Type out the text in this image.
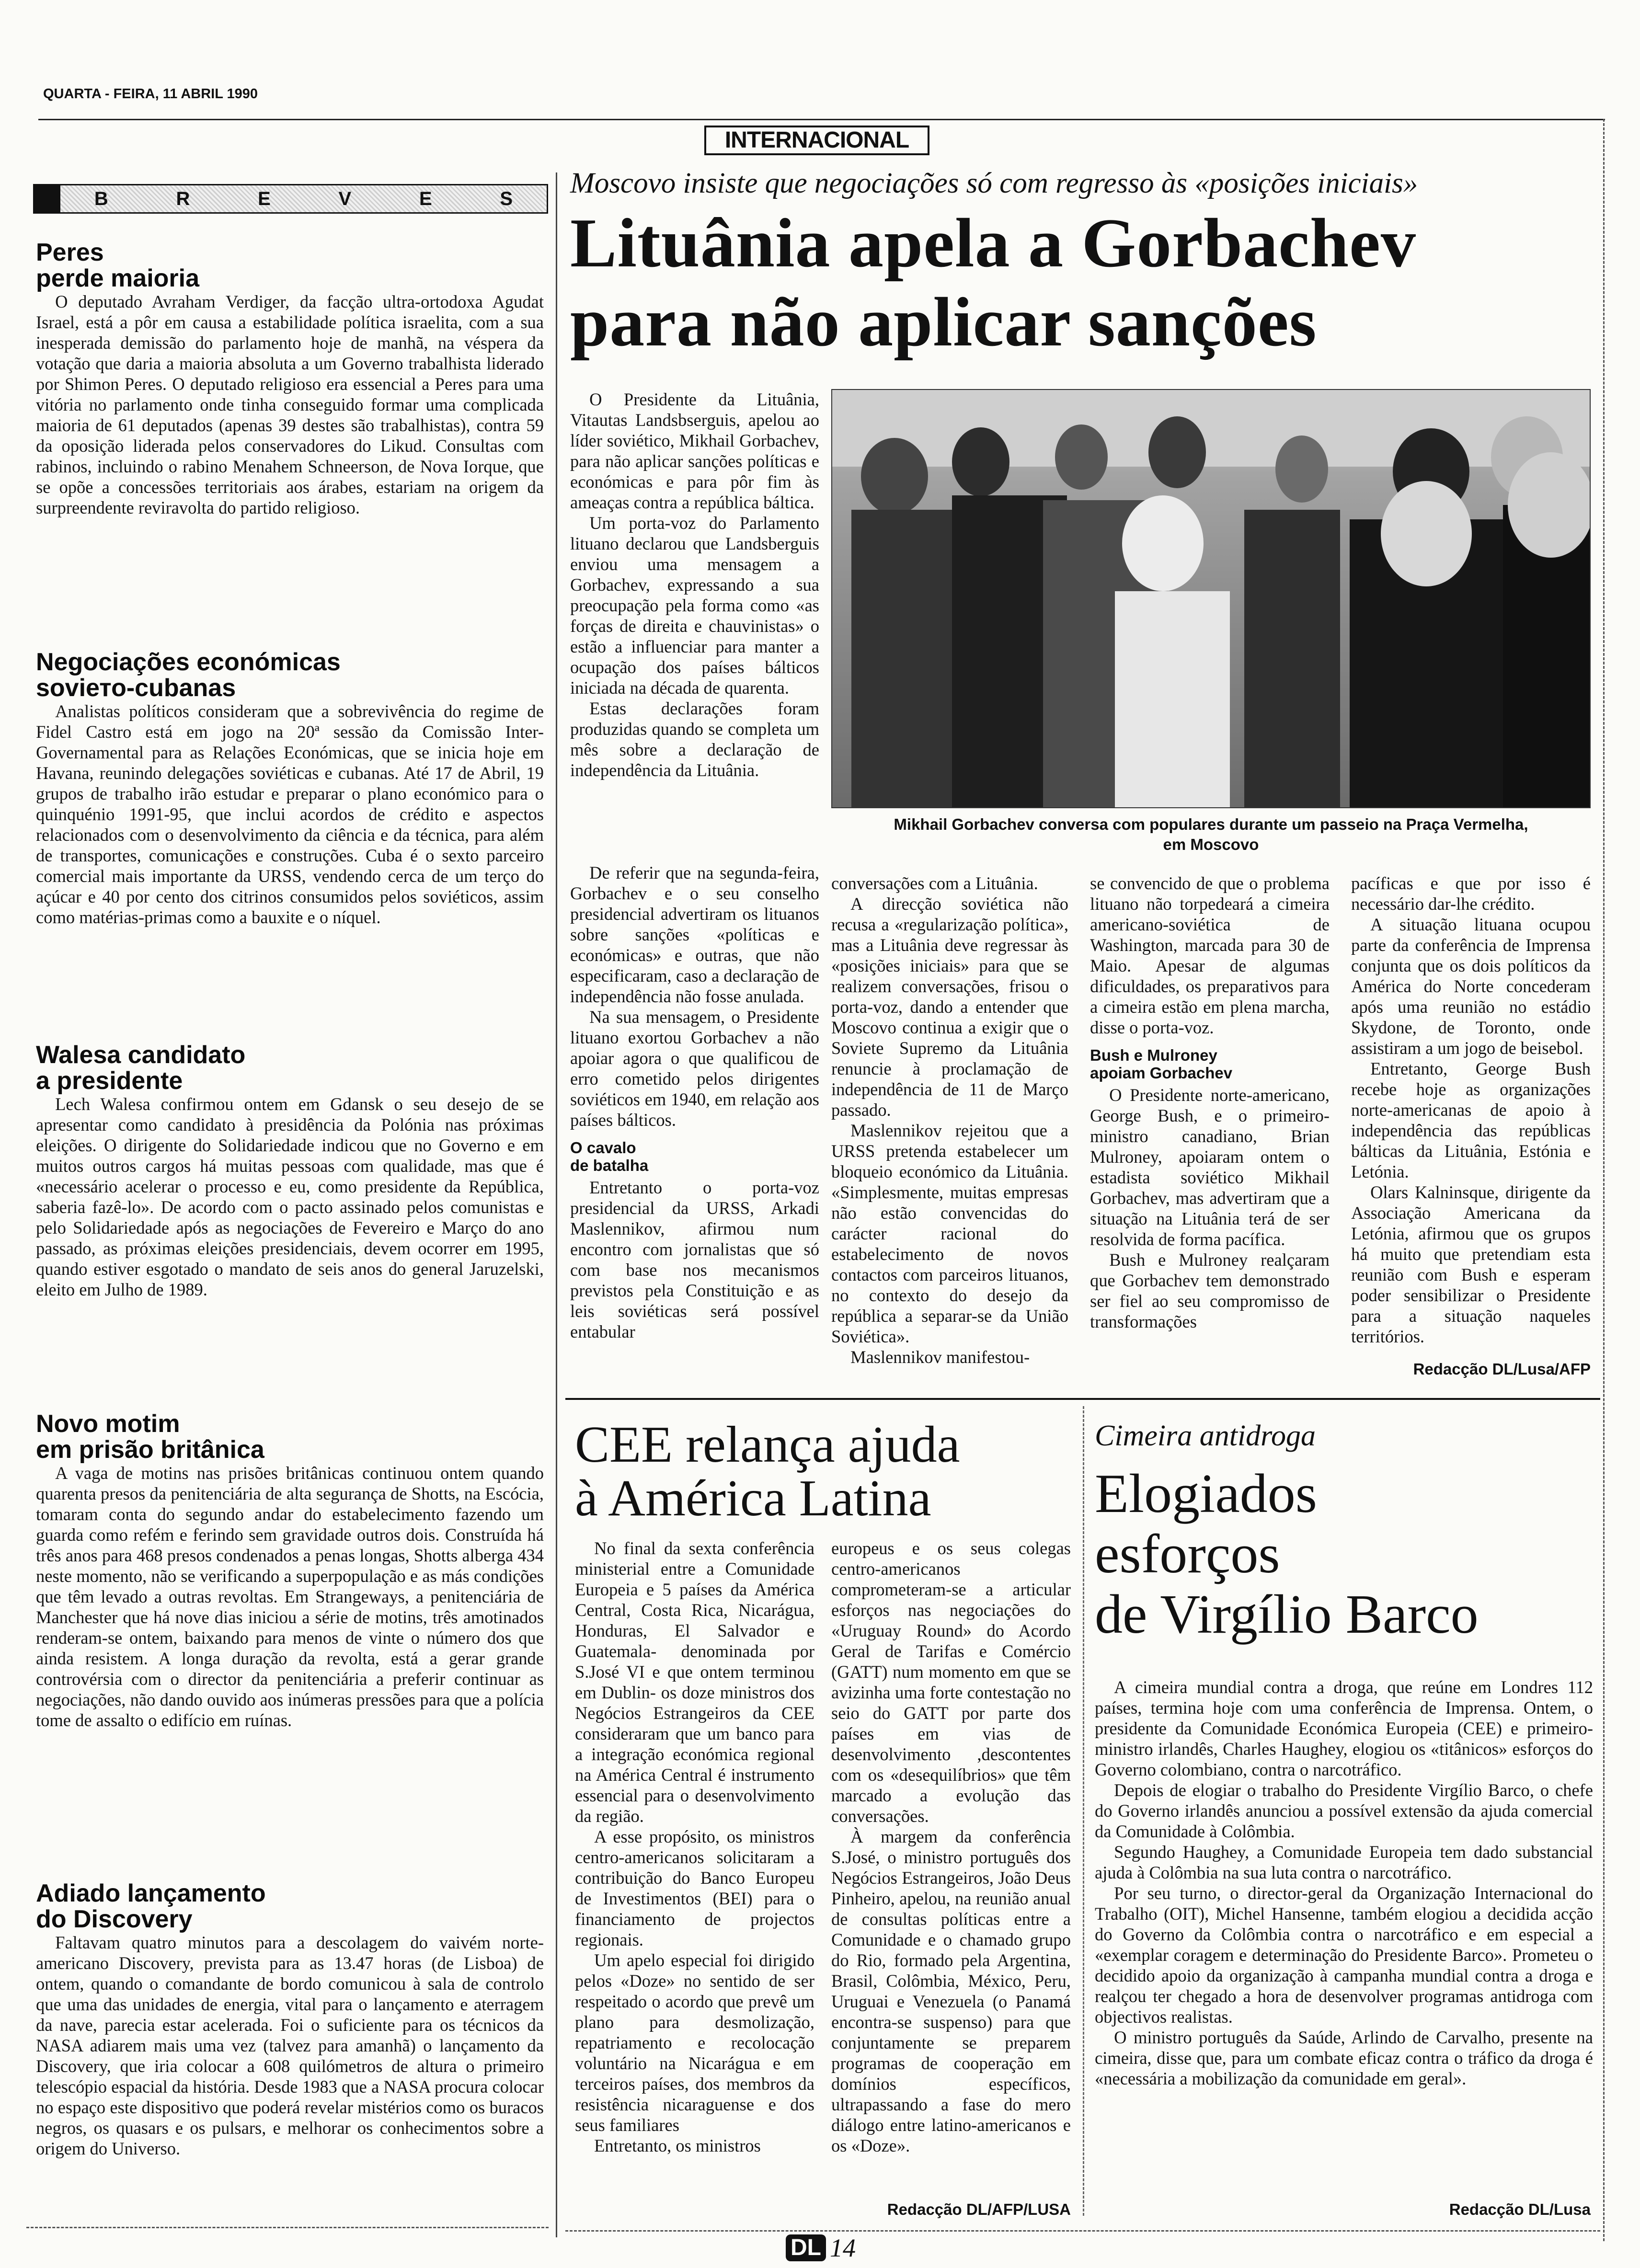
QUARTA - FEIRA, 11 ABRIL 1990
INTERNACIONAL
B	R	E	V	E	S
Peres
perde maioria
O deputado Avraham Verdiger, da facção ultra-ortodoxa Agudat Israel, está a pôr em causa a estabilidade política israelita, com a sua inesperada demissão do parlamento hoje de manhã, na véspera da votação que daria a maioria absoluta a um Governo trabalhista liderado por Shimon Peres. O deputado religioso era essencial a Peres para uma vitória no parlamento onde tinha conseguido formar uma complicada maioria de 61 deputados (apenas 39 destes são trabalhistas), contra 59 da oposição liderada pelos conservadores do Likud. Consultas com rabinos, incluindo o rabino Menahem Schneerson, de Nova Iorque, que se opõe a concessões territoriais aos árabes, estariam na origem da surpreendente reviravolta do partido religioso.
Negociações económicas
soviето-cubanas
Analistas políticos consideram que a sobrevivência do regime de Fidel Castro está em jogo na 20ª sessão da Comissão Inter-Governamental para as Relações Económicas, que se inicia hoje em Havana, reunindo delegações soviéticas e cubanas. Até 17 de Abril, 19 grupos de trabalho irão estudar e preparar o plano económico para o quinquénio 1991-95, que inclui acordos de crédito e aspectos relacionados com o desenvolvimento da ciência e da técnica, para além de transportes, comunicações e construções. Cuba é o sexto parceiro comercial mais importante da URSS, vendendo cerca de um terço do açúcar e 40 por cento dos citrinos consumidos pelos soviéticos, assim como matérias-primas como a bauxite e o níquel.
Walesa candidato
a presidente
Lech Walesa confirmou ontem em Gdansk o seu desejo de se apresentar como candidato à presidência da Polónia nas próximas eleições. O dirigente do Solidariedade indicou que no Governo e em muitos outros cargos há muitas pessoas com qualidade, mas que é «necessário acelerar o processo e eu, como presidente da República, saberia fazê-lo». De acordo com o pacto assinado pelos comunistas e pelo Solidariedade após as negociações de Fevereiro e Março do ano passado, as próximas eleições presidenciais, devem ocorrer em 1995, quando estiver esgotado o mandato de seis anos do general Jaruzelski, eleito em Julho de 1989.
Novo motim
em prisão britânica
A vaga de motins nas prisões britânicas continuou ontem quando quarenta presos da penitenciária de alta segurança de Shotts, na Escócia, tomaram conta do segundo andar do estabelecimento fazendo um guarda como refém e ferindo sem gravidade outros dois. Construída há três anos para 468 presos condenados a penas longas, Shotts alberga 434 neste momento, não se verificando a superpopulação e as más condições que têm levado a outras revoltas. Em Strangeways, a penitenciária de Manchester que há nove dias iniciou a série de motins, três amotinados renderam-se ontem, baixando para menos de vinte o número dos que ainda resistem. A longa duração da revolta, está a gerar grande controvérsia com o director da penitenciária a preferir continuar as negociações, não dando ouvido aos inúmeras pressões para que a polícia tome de assalto o edifício em ruínas.
Adiado lançamento
do Discovery
Faltavam quatro minutos para a descolagem do vaivém norte-americano Discovery, prevista para as 13.47 horas (de Lisboa) de ontem, quando o comandante de bordo comunicou à sala de controlo que uma das unidades de energia, vital para o lançamento e aterragem da nave, parecia estar acelerada. Foi o suficiente para os técnicos da NASA adiarem mais uma vez (talvez para amanhã) o lançamento da Discovery, que iria colocar a 608 quilómetros de altura o primeiro telescópio espacial da história. Desde 1983 que a NASA procura colocar no espaço este dispositivo que poderá revelar mistérios como os buracos negros, os quasars e os pulsars, e melhorar os conhecimentos sobre a origem do Universo.
Moscovo insiste que negociações só com regresso às «posições iniciais»
Lituânia apela a Gorbachev
para não aplicar sanções
Mikhail Gorbachev conversa com populares durante um passeio na Praça Vermelha,
em Moscovo

O Presidente da Lituânia, Vitautas Landsbserguis, apelou ao líder soviético, Mikhail Gorbachev, para não aplicar sanções políticas e económicas e para pôr fim às ameaças contra a república báltica.

Um porta-voz do Parlamento lituano declarou que Landsberguis enviou uma mensagem a Gorbachev, expressando a sua preocupação pela forma como «as forças de direita e chauvinistas» o estão a influenciar para manter a ocupação dos países bálticos iniciada na década de quarenta.

Estas declarações foram produzidas quando se completa um mês sobre a declaração de independência da Lituânia.

De referir que na segunda-feira, Gorbachev e o seu conselho presidencial advertiram os lituanos sobre sanções «políticas e económicas» e outras, que não especificaram, caso a declaração de independência não fosse anulada.

Na sua mensagem, o Presidente lituano exortou Gorbachev a não apoiar agora o que qualificou de erro cometido pelos dirigentes soviéticos em 1940, em relação aos países bálticos.

O cavalo
de batalha

Entretanto o porta-voz presidencial da URSS, Arkadi Maslennikov, afirmou num encontro com jornalistas que só com base nos mecanismos previstos pela Constituição e as leis soviéticas será possível entabular

conversações com a Lituânia.

A direcção soviética não recusa a «regularização política», mas a Lituânia deve regressar às «posições iniciais» para que se realizem conversações, frisou o porta-voz, dando a entender que Moscovo continua a exigir que o Soviete Supremo da Lituânia renuncie à proclamação de independência de 11 de Março passado.

Maslennikov rejeitou que a URSS pretenda estabelecer um bloqueio económico da Lituânia. «Simplesmente, muitas empresas não estão convencidas do carácter racional do estabelecimento de novos contactos com parceiros lituanos, no contexto do desejo da república a separar-se da União Soviética».

Maslennikov manifestou-

se convencido de que o problema lituano não torpedeará a cimeira americano-soviética de Washington, marcada para 30 de Maio. Apesar de algumas dificuldades, os preparativos para a cimeira estão em plena marcha, disse o porta-voz.

Bush e Mulroney
apoiam Gorbachev

O Presidente norte-americano, George Bush, e o primeiro-ministro canadiano, Brian Mulroney, apoiaram ontem o estadista soviético Mikhail Gorbachev, mas advertiram que a situação na Lituânia terá de ser resolvida de forma pacífica.

Bush e Mulroney realçaram que Gorbachev tem demonstrado ser fiel ao seu compromisso de transformações

pacíficas e que por isso é necessário dar-lhe crédito.

A situação lituana ocupou parte da conferência de Imprensa conjunta que os dois políticos da América do Norte concederam após uma reunião no estádio Skydone, de Toronto, onde assistiram a um jogo de beisebol.

Entretanto, George Bush recebe hoje as organizações norte-americanas de apoio à independência das repúblicas bálticas da Lituânia, Estónia e Letónia.

Olars Kalninsque, dirigente da Associação Americana da Letónia, afirmou que os grupos há muito que pretendiam esta reunião com Bush e esperam poder sensibilizar o Presidente para a situação naqueles territórios.

Redacção DL/Lusa/AFP
CEE relança ajuda
à América Latina

No final da sexta conferência ministerial entre a Comunidade Europeia e 5 países da América Central, Costa Rica, Nicarágua, Honduras, El Salvador e Guatemala- denominada por S.José VI e que ontem terminou em Dublin- os doze ministros dos Negócios Estrangeiros da CEE consideraram que um banco para a integração económica regional na América Central é instrumento essencial para o desenvolvimento da região.

A esse propósito, os ministros centro-americanos solicitaram a contribuição do Banco Europeu de Investimentos (BEI) para o financiamento de projectos regionais.

Um apelo especial foi dirigido pelos «Doze» no sentido de ser respeitado o acordo que prevê um plano para desmolização, repatriamento e recolocação voluntário na Nicarágua e em terceiros países, dos membros da resistência nicaraguense e dos seus familiares

Entretanto, os ministros

europeus e os seus colegas centro-americanos comprometeram-se a articular esforços nas negociações do «Uruguay Round» do Acordo Geral de Tarifas e Comércio (GATT) num momento em que se avizinha uma forte contestação no seio do GATT por parte dos países em vias de desenvolvimento ,descontentes com os «desequilíbrios» que têm marcado a evolução das conversações.

À margem da conferência S.José, o ministro português dos Negócios Estrangeiros, João Deus Pinheiro, apelou, na reunião anual de consultas políticas entre a Comunidade e o chamado grupo do Rio, formado pela Argentina, Brasil, Colômbia, México, Peru, Uruguai e Venezuela (o Panamá encontra-se suspenso) para que conjuntamente se preparem programas de cooperação em domínios específicos, ultrapassando a fase do mero diálogo entre latino-americanos e os «Doze».

Redacção DL/AFP/LUSA
Cimeira antidroga
Elogiados
esforços
de Virgílio Barco

A cimeira mundial contra a droga, que reúne em Londres 112 países, termina hoje com uma conferência de Imprensa. Ontem, o presidente da Comunidade Económica Europeia (CEE) e primeiro-ministro irlandês, Charles Haughey, elogiou os «titânicos» esforços do Governo colombiano, contra o narcotráfico.

Depois de elogiar o trabalho do Presidente Virgílio Barco, o chefe do Governo irlandês anunciou a possível extensão da ajuda comercial da Comunidade à Colômbia.

Segundo Haughey, a Comunidade Europeia tem dado substancial ajuda à Colômbia na sua luta contra o narcotráfico.

Por seu turno, o director-geral da Organização Internacional do Trabalho (OIT), Michel Hansenne, também elogiou a decidida acção do Governo da Colômbia contra o narcotráfico e em especial a «exemplar coragem e determinação do Presidente Barco». Prometeu o decidido apoio da organização à campanha mundial contra a droga e realçou ter chegado a hora de desenvolver programas antidroga com objectivos realistas.

O ministro português da Saúde, Arlindo de Carvalho, presente na cimeira, disse que, para um combate eficaz contra o tráfico da droga é «necessária a mobilização da comunidade em geral».

Redacção DL/Lusa
DL 14
